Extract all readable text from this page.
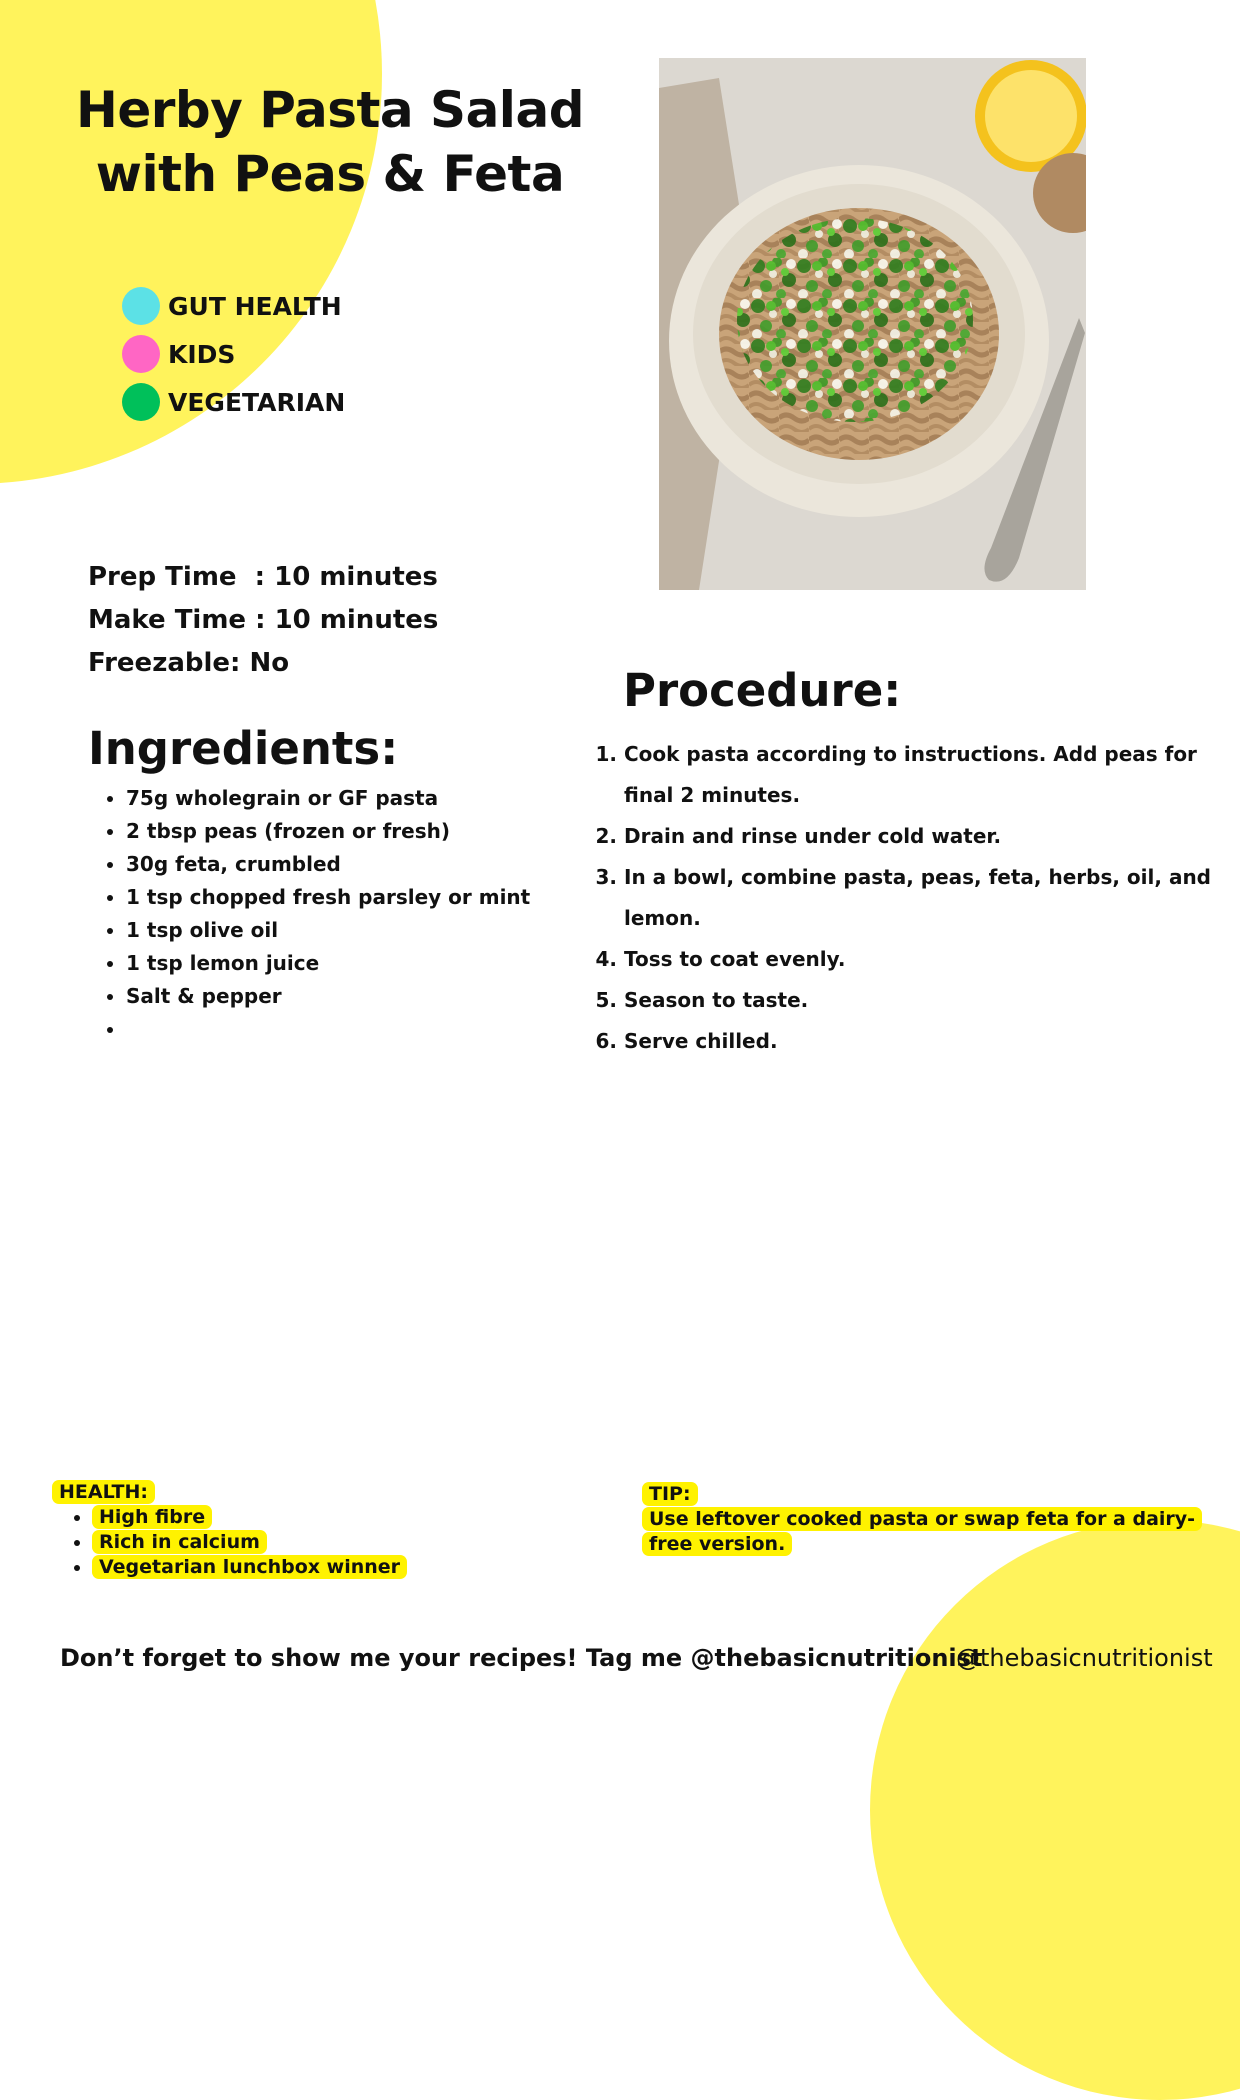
Herby Pasta Salad
with Peas & Feta
GUT HEALTH
KIDS
VEGETARIAN
Prep Time  : 10 minutes
Make Time : 10 minutes
Freezable: No
Ingredients:
• 75g wholegrain or GF pasta
• 2 tbsp peas (frozen or fresh)
• 30g feta, crumbled
• 1 tsp chopped fresh parsley or mint
• 1 tsp olive oil
• 1 tsp lemon juice
• Salt & pepper
•
Procedure:
1. Cook pasta according to instructions. Add peas for final 2 minutes.
2. Drain and rinse under cold water.
3. In a bowl, combine pasta, peas, feta, herbs, oil, and lemon.
4. Toss to coat evenly.
5. Season to taste.
6. Serve chilled.
HEALTH:
• High fibre
• Rich in calcium
• Vegetarian lunchbox winner
TIP:
Use leftover cooked pasta or swap feta for a dairy-free version.
Don’t forget to show me your recipes! Tag me @thebasicnutritionist
@thebasicnutritionist
